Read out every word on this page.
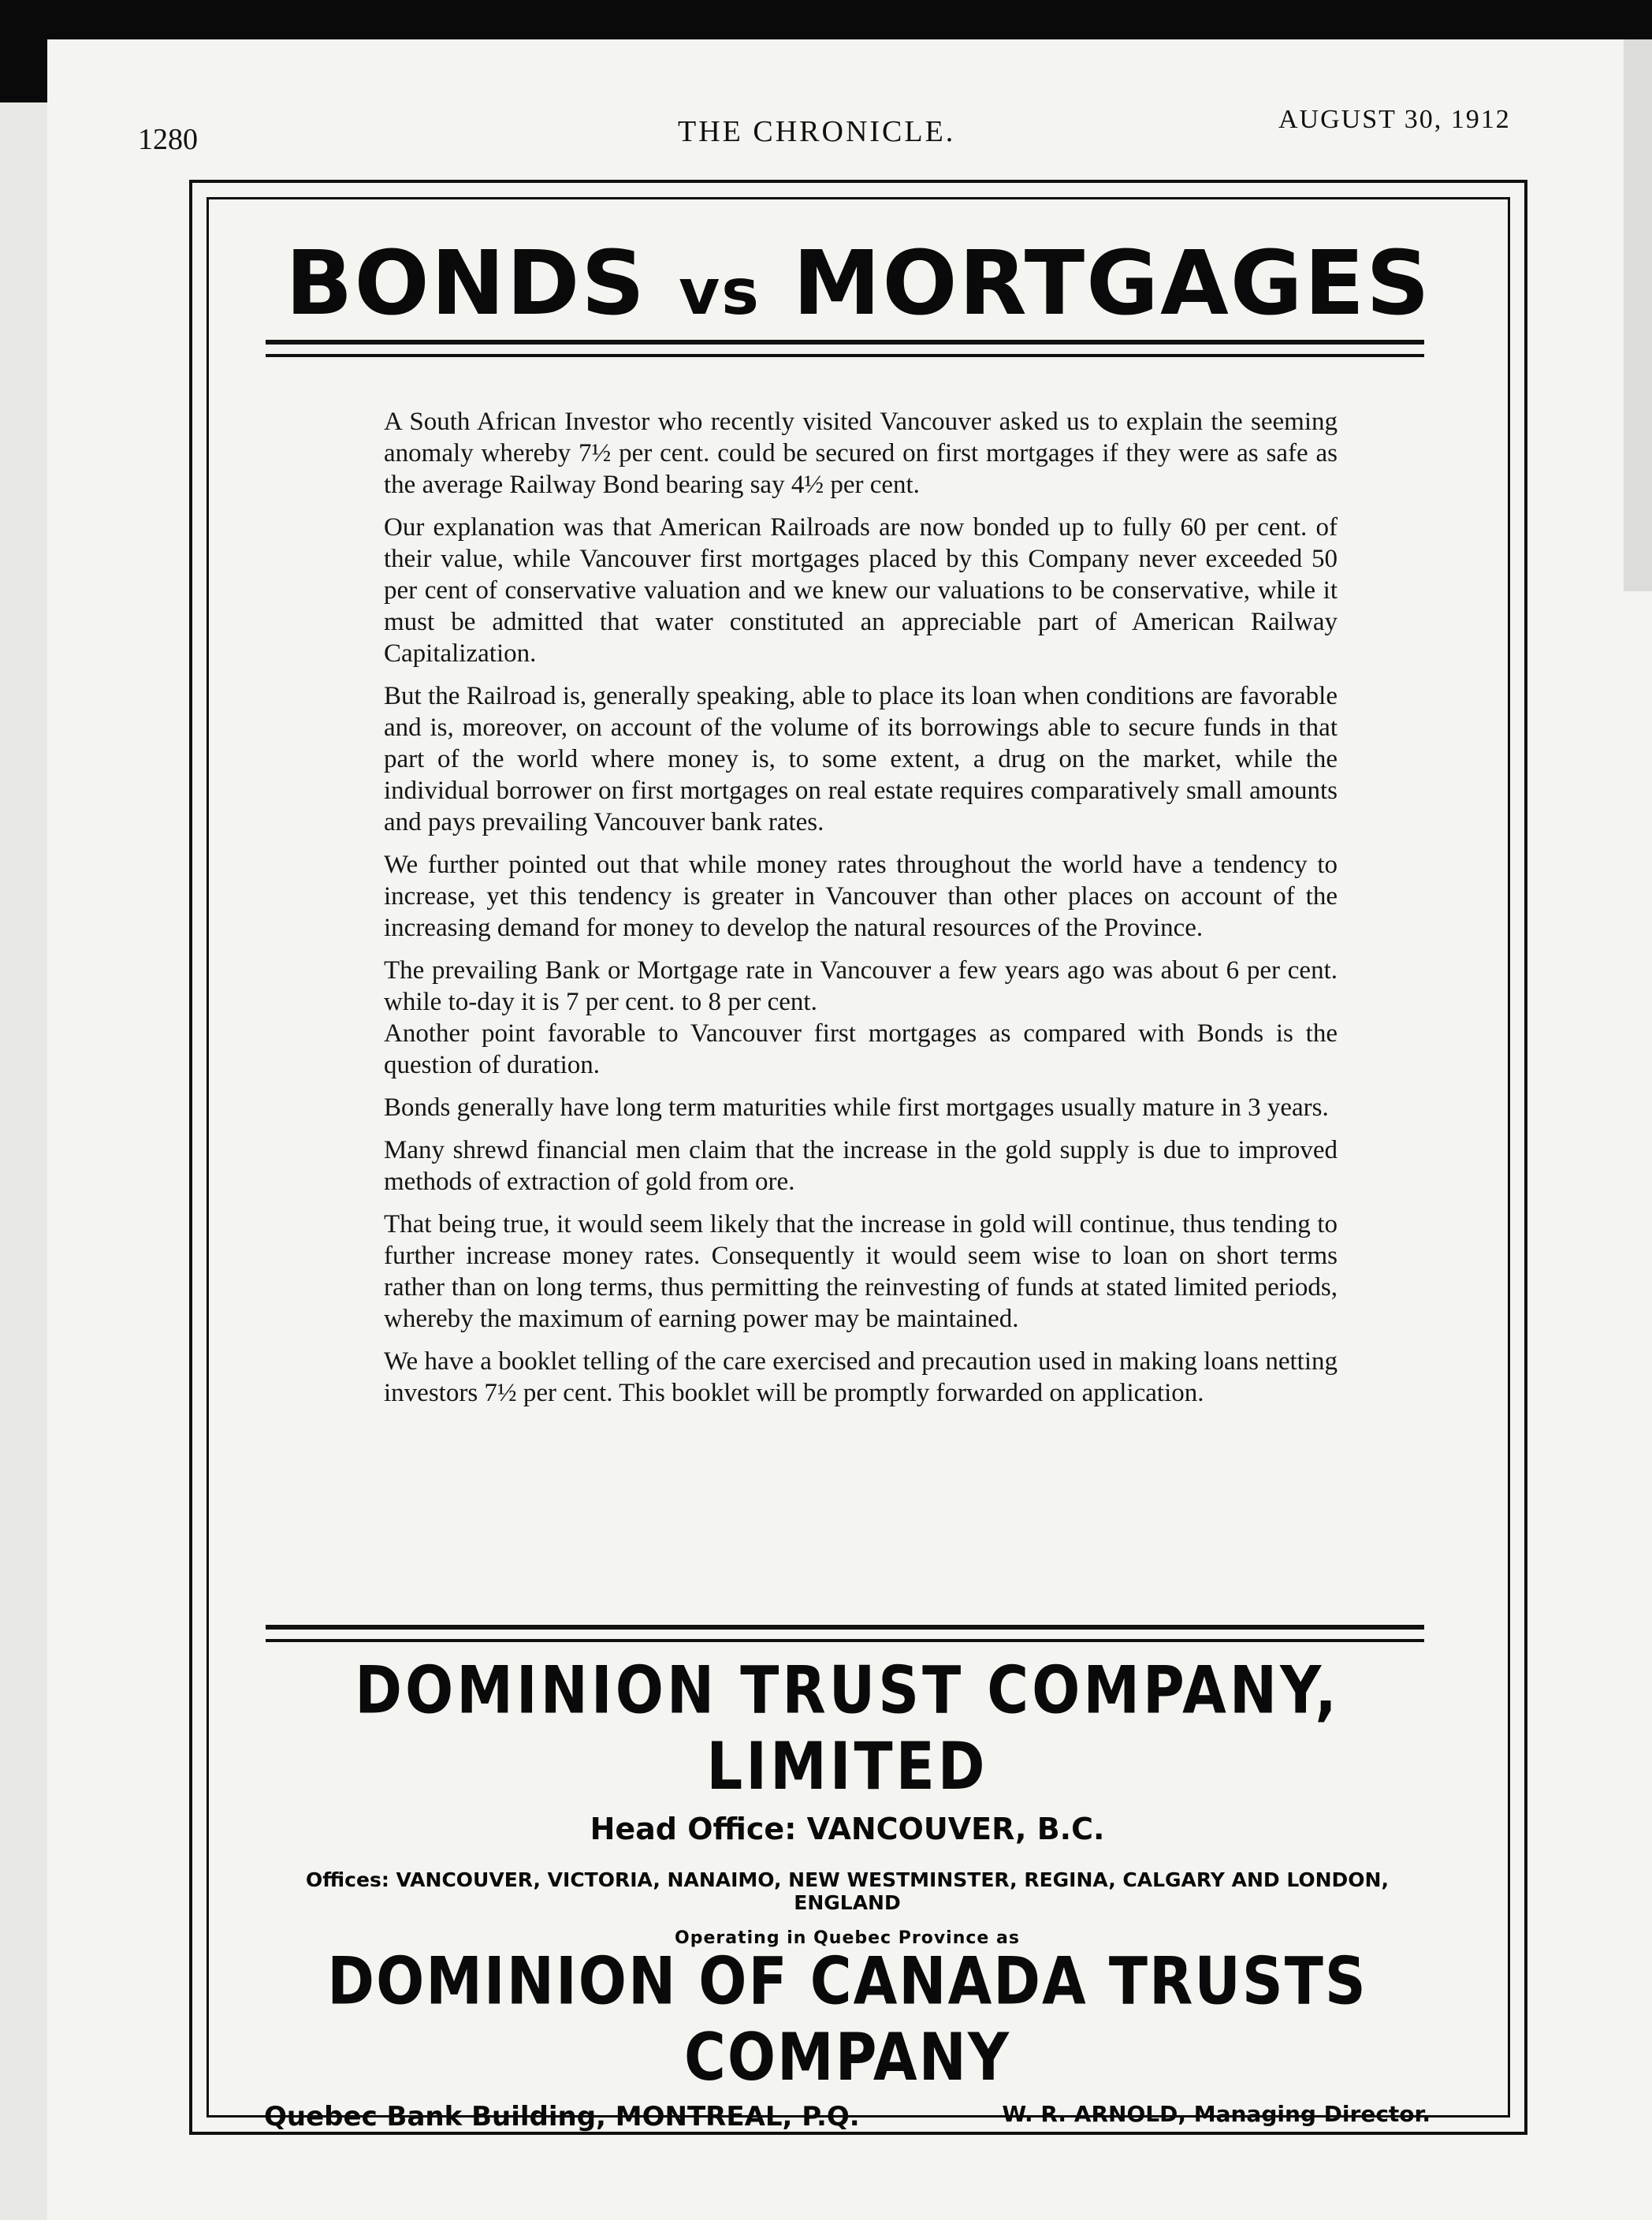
1280	THE CHRONICLE.	AUGUST 30, 1912
BONDS vs MORTGAGES

A South African Investor who recently visited Vancouver asked us to explain the seeming anomaly whereby 7½ per cent. could be secured on first mortgages if they were as safe as the average Railway Bond bearing say 4½ per cent.

Our explanation was that American Railroads are now bonded up to fully 60 per cent. of their value, while Vancouver first mortgages placed by this Company never exceeded 50 per cent of conservative valuation and we knew our valuations to be conservative, while it must be admitted that water constituted an appreciable part of American Railway Capitalization.

But the Railroad is, generally speaking, able to place its loan when conditions are favorable and is, moreover, on account of the volume of its borrowings able to secure funds in that part of the world where money is, to some extent, a drug on the market, while the individual borrower on first mortgages on real estate requires comparatively small amounts and pays prevailing Vancouver bank rates.

We further pointed out that while money rates throughout the world have a tendency to increase, yet this tendency is greater in Vancouver than other places on account of the increasing demand for money to develop the natural resources of the Province.

The prevailing Bank or Mortgage rate in Vancouver a few years ago was about 6 per cent. while to-day it is 7 per cent. to 8 per cent.

Another point favorable to Vancouver first mortgages as compared with Bonds is the question of duration.

Bonds generally have long term maturities while first mortgages usually mature in 3 years.

Many shrewd financial men claim that the increase in the gold supply is due to improved methods of extraction of gold from ore.

That being true, it would seem likely that the increase in gold will continue, thus tending to further increase money rates. Consequently it would seem wise to loan on short terms rather than on long terms, thus permitting the reinvesting of funds at stated limited periods, whereby the maximum of earning power may be maintained.

We have a booklet telling of the care exercised and precaution used in making loans netting investors 7½ per cent. This booklet will be promptly forwarded on application.

DOMINION TRUST COMPANY, LIMITED
Head Office: VANCOUVER, B.C.
Offices: VANCOUVER, VICTORIA, NANAIMO, NEW WESTMINSTER, REGINA, CALGARY AND LONDON, ENGLAND
Operating in Quebec Province as
DOMINION OF CANADA TRUSTS COMPANY
Quebec Bank Building, MONTREAL, P.Q.	W. R. ARNOLD, Managing Director.
